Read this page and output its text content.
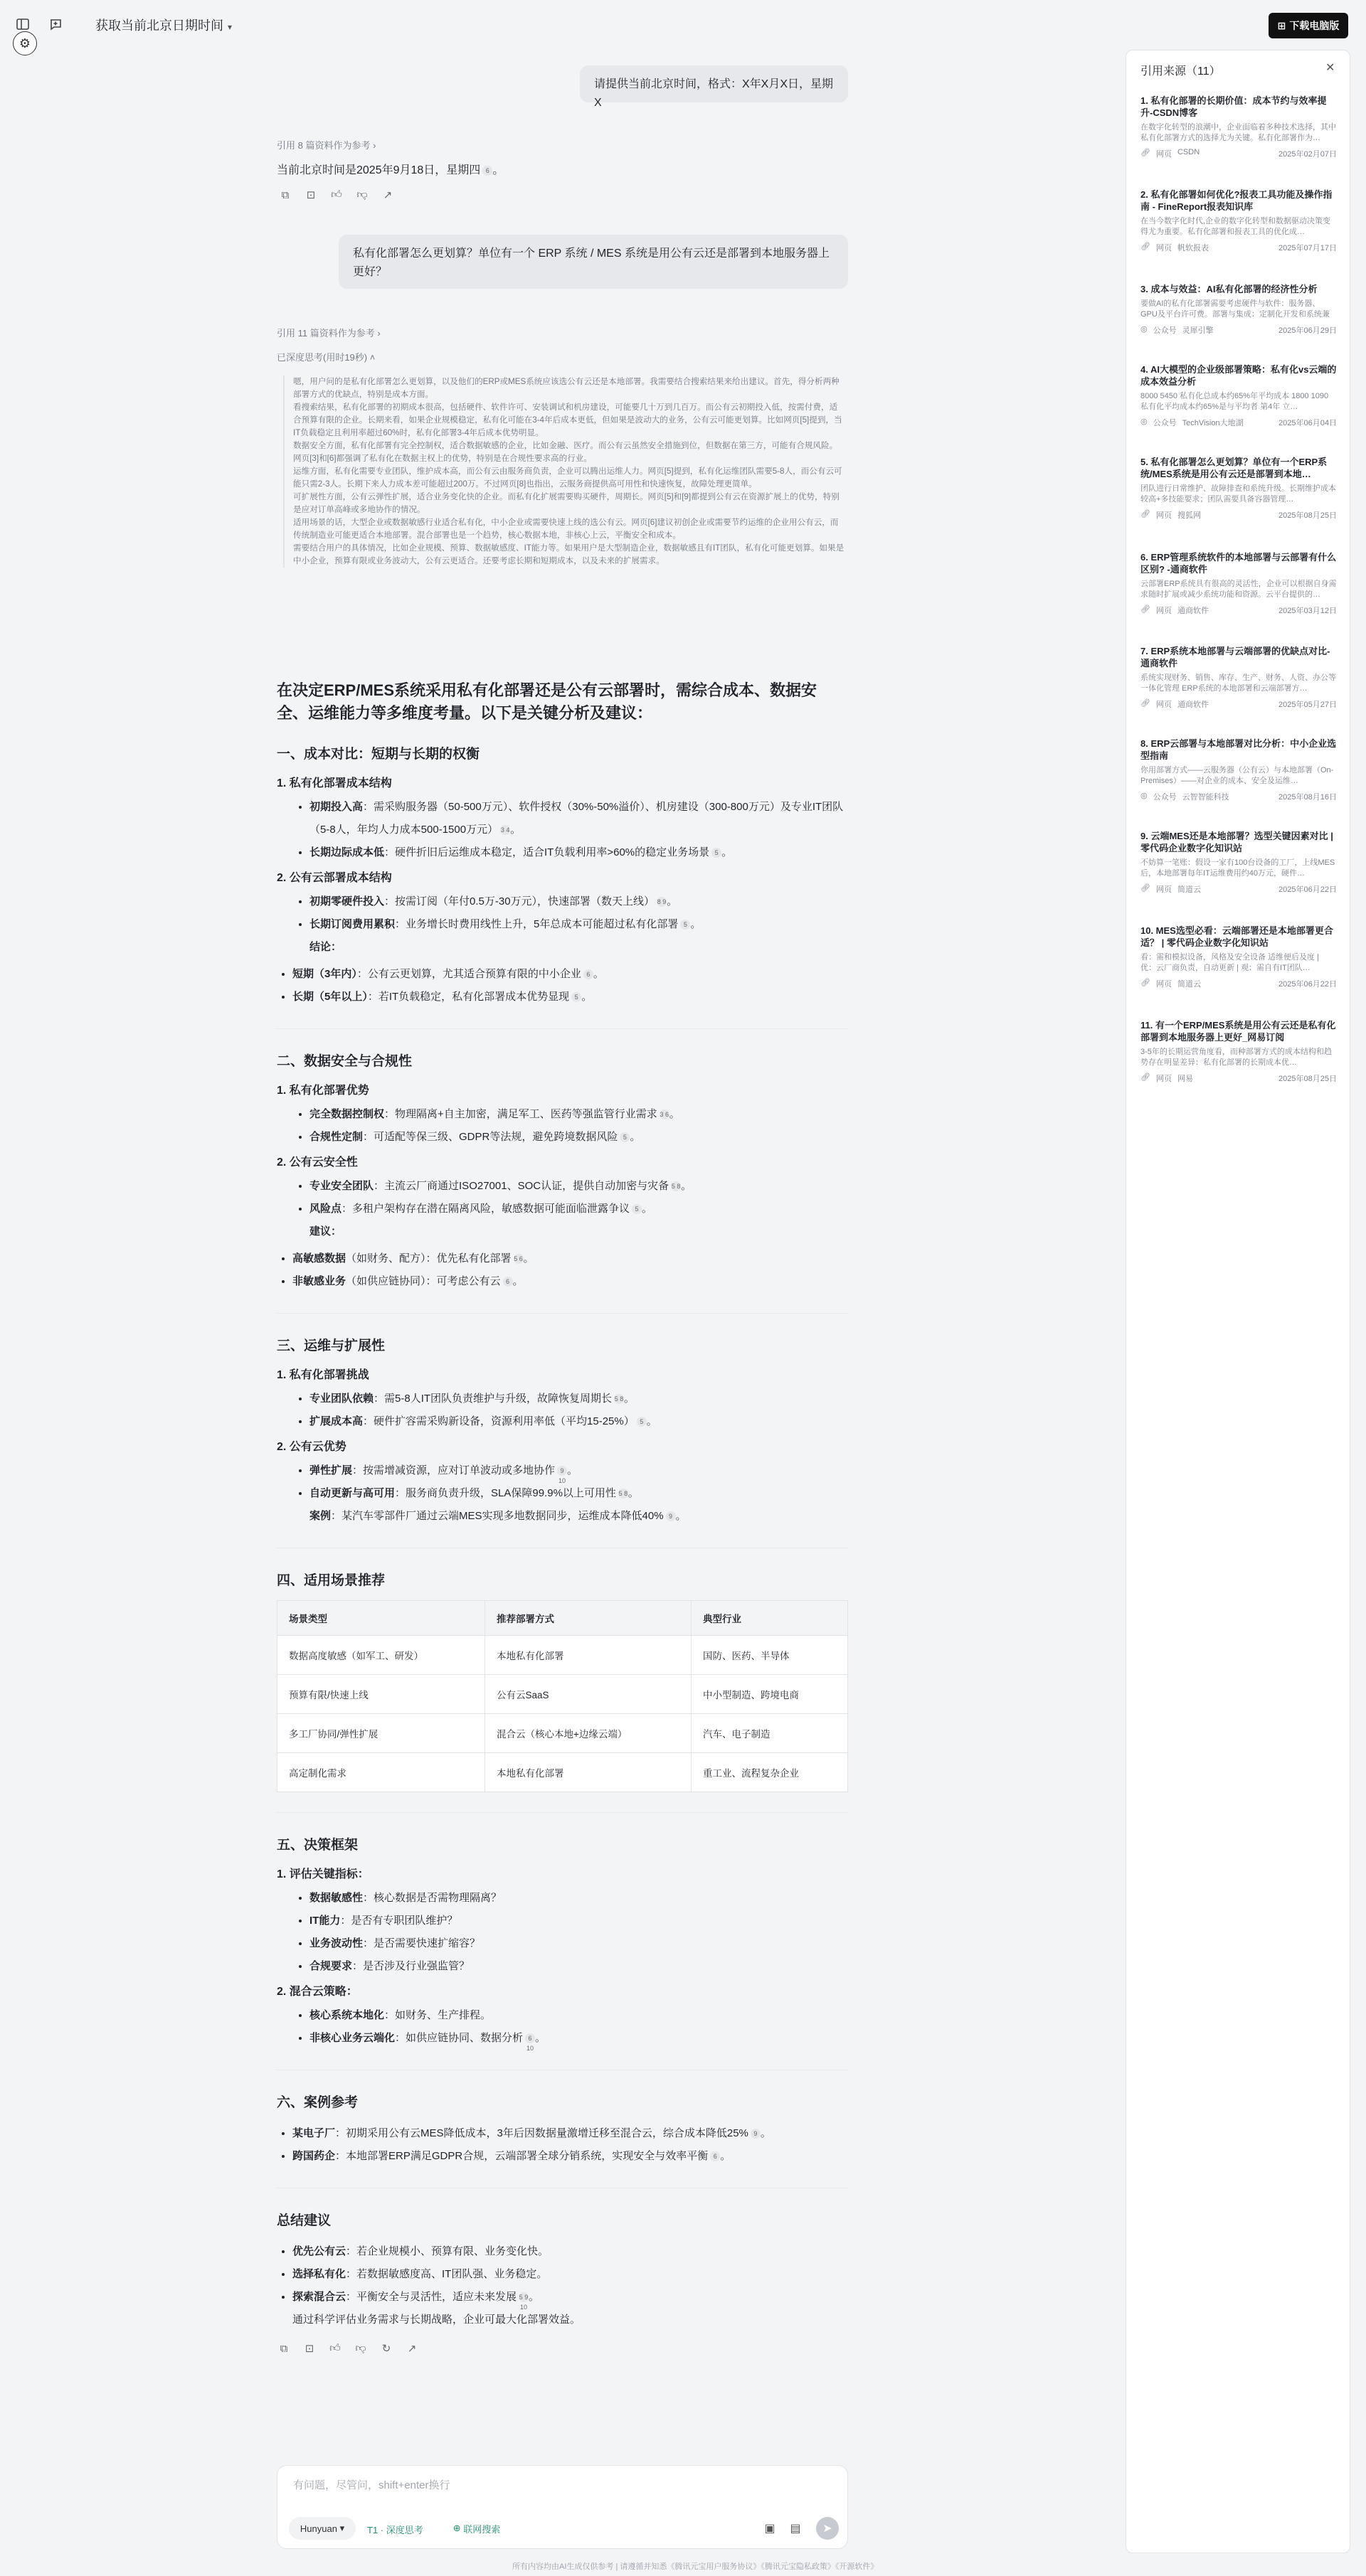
获取当前北京日期时间 ▾
⚙
⊞ 下载电脑版
请提供当前北京时间，格式：X年X月X日，星期X
引用 8 篇资料作为参考 ›
当前北京时间是2025年9月18日，星期四 6 。
⧉	⊡ 👍︎ 👎︎ ↗
私有化部署怎么更划算？单位有一个 ERP 系统 / MES 系统是用公有云还是部署到本地服务器上更好？
引用 11 篇资料作为参考 ›
已深度思考(用时19秒) ˄

嗯，用户问的是私有化部署怎么更划算，以及他们的ERP或MES系统应该选公有云还是本地部署。我需要结合搜索结果来给出建议。首先，得分析两种部署方式的优缺点，特别是成本方面。

看搜索结果，私有化部署的初期成本很高，包括硬件、软件许可、安装调试和机房建设，可能要几十万到几百万。而公有云初期投入低，按需付费，适合预算有限的企业。长期来看，如果企业规模稳定，私有化可能在3-4年后成本更低，但如果是波动大的业务，公有云可能更划算。比如网页[5]提到，当IT负载稳定且利用率超过60%时，私有化部署3-4年后成本优势明显。

数据安全方面，私有化部署有完全控制权，适合数据敏感的企业，比如金融、医疗。而公有云虽然安全措施到位，但数据在第三方，可能有合规风险。网页[3]和[6]都强调了私有化在数据主权上的优势，特别是在合规性要求高的行业。

运维方面，私有化需要专业团队，维护成本高，而公有云由服务商负责，企业可以腾出运维人力。网页[5]提到，私有化运维团队需要5-8人，而公有云可能只需2-3人。长期下来人力成本差可能超过200万。不过网页[8]也指出，云服务商提供高可用性和快速恢复，故障处理更简单。

可扩展性方面，公有云弹性扩展，适合业务变化快的企业。而私有化扩展需要购买硬件，周期长。网页[5]和[9]都提到公有云在资源扩展上的优势，特别是应对订单高峰或多地协作的情况。

适用场景的话，大型企业或数据敏感行业适合私有化，中小企业或需要快速上线的选公有云。网页[6]建议初创企业或需要节约运维的企业用公有云，而传统制造业可能更适合本地部署。混合部署也是一个趋势，核心数据本地，非核心上云，平衡安全和成本。

需要结合用户的具体情况，比如企业规模、预算、数据敏感度、IT能力等。如果用户是大型制造企业，数据敏感且有IT团队，私有化可能更划算。如果是中小企业，预算有限或业务波动大，公有云更适合。还要考虑长期和短期成本，以及未来的扩展需求。

在决定ERP/MES系统采用私有化部署还是公有云部署时，需综合成本、数据安全、运维能力等多维度考量。以下是关键分析及建议：
一、成本对比：短期与长期的权衡
1. 私有化部署成本结构
• 初期投入高：需采购服务器（50-500万元）、软件授权（30%-50%溢价）、机房建设（300-800万元）及专业IT团队（5-8人，年均人力成本500-1500万元） 3 4。
• 长期边际成本低：硬件折旧后运维成本稳定，适合IT负载利用率>60%的稳定业务场景 5 。
2. 公有云部署成本结构
• 初期零硬件投入：按需订阅（年付0.5万-30万元），快速部署（数天上线） 8 9。
• 长期订阅费用累积：业务增长时费用线性上升，5年总成本可能超过私有化部署 5 。
结论：
• 短期（3年内）：公有云更划算，尤其适合预算有限的中小企业 6 。
• 长期（5年以上）：若IT负载稳定，私有化部署成本优势显现 5 。
二、数据安全与合规性
1. 私有化部署优势
• 完全数据控制权：物理隔离+自主加密，满足军工、医药等强监管行业需求 3 6。
• 合规性定制：可适配等保三级、GDPR等法规，避免跨境数据风险 5 。
2. 公有云安全性
• 专业安全团队：主流云厂商通过ISO27001、SOC认证，提供自动加密与灾备 5 8。
• 风险点：多租户架构存在潜在隔离风险，敏感数据可能面临泄露争议 5 。
建议：
• 高敏感数据（如财务、配方）：优先私有化部署 5 6。
• 非敏感业务（如供应链协同）：可考虑公有云 6 。
三、运维与扩展性
1. 私有化部署挑战
• 专业团队依赖：需5-8人IT团队负责维护与升级，故障恢复周期长 5 8。
• 扩展成本高：硬件扩容需采购新设备，资源利用率低（平均15-25%） 5 。
2. 公有云优势
• 弹性扩展：按需增减资源，应对订单波动或多地协作 9 10。
• 自动更新与高可用：服务商负责升级，SLA保障99.9%以上可用性 5 8。
案例：某汽车零部件厂通过云端MES实现多地数据同步，运维成本降低40% 9 。
四、适用场景推荐
场景类型	推荐部署方式	典型行业
数据高度敏感（如军工、研发）	本地私有化部署	国防、医药、半导体
预算有限/快速上线	公有云SaaS	中小型制造、跨境电商
多工厂协同/弹性扩展	混合云（核心本地+边缘云端）	汽车、电子制造
高定制化需求	本地私有化部署	重工业、流程复杂企业
五、决策框架
1. 评估关键指标：
• 数据敏感性：核心数据是否需物理隔离？
• IT能力：是否有专职团队维护？
• 业务波动性：是否需要快速扩缩容？
• 合规要求：是否涉及行业强监管？
2. 混合云策略：
• 核心系统本地化：如财务、生产排程。
• 非核心业务云端化：如供应链协同、数据分析 6 10。
六、案例参考
• 某电子厂：初期采用公有云MES降低成本，3年后因数据量激增迁移至混合云，综合成本降低25% 9 。
• 跨国药企：本地部署ERP满足GDPR合规，云端部署全球分销系统，实现安全与效率平衡 6 。
总结建议
• 优先公有云：若企业规模小、预算有限、业务变化快。
• 选择私有化：若数据敏感度高、IT团队强、业务稳定。
• 探索混合云：平衡安全与灵活性，适应未来发展 5 9 10。
通过科学评估业务需求与长期战略，企业可最大化部署效益。
⧉	⊡ 👍︎ 👎︎ ↻ ↗
有问题，尽管问，shift+enter换行
Hunyuan
▾ T1 · 深度思考	⊕
联网搜索	▣ ▤	➤
所有内容均由AI生成仅供参考 | 请遵循并知悉《腾讯元宝用户服务协议》《腾讯元宝隐私政策》《开源软件》
引用来源（11）	✕
1. 私有化部署的长期价值：成本节约与效率提升-CSDN博客
在数字化转型的浪潮中，企业面临着多种技术选择，其中私有化部署方式的选择尤为关键。私有化部署作为…
🔗︎ 网页 CSDN	2025年02月07日
2. 私有化部署如何优化?报表工具功能及操作指南 - FineReport报表知识库
在当今数字化时代,企业的数字化转型和数据驱动决策变得尤为重要。私有化部署和报表工具的优化成…
🔗︎ 网页 帆软报表	2025年07月17日
3. 成本与效益：AI私有化部署的经济性分析
要做AI的私有化部署需要考虑硬件与软件：服务器、GPU及平台许可费。部署与集成：定制化开发和系统兼
◎ 公众号 灵犀引擎	2025年06月29日
4. AI大模型的企业级部署策略：私有化vs云端的成本效益分析
8000 5450 私有化总成本约65%年平均成本 1800 1090 私有化平均成本约65%是与平均者 第4年 立…
◎ 公众号 TechVision大地湖	2025年06月04日
5. 私有化部署怎么更划算？单位有一个ERP系统/MES系统是用公有云还是部署到本地…
团队进行日常维护、故障排查和系统升级。长期维护成本较高+多技能要求；团队需要具备容器管理…
🔗︎ 网页 搜狐网	2025年08月25日
6. ERP管理系统软件的本地部署与云部署有什么区别? -通商软件
云部署ERP系统具有很高的灵活性，企业可以根据自身需求随时扩展或减少系统功能和资源。云平台提供的…
🔗︎ 网页 通商软件	2025年03月12日
7. ERP系统本地部署与云端部署的优缺点对比-通商软件
系统实现财务、销售、库存、生产、财务、人资、办公等一体化管理 ERP系统的本地部署和云端部署方…
🔗︎ 网页 通商软件	2025年05月27日
8. ERP云部署与本地部署对比分析：中小企业选型指南
你用部署方式——云服务器（公有云）与本地部署（On-Premises）——对企业的成本、安全及运维…
◎ 公众号 云智智能科技	2025年08月16日
9. 云端MES还是本地部署？选型关键因素对比 | 零代码企业数字化知识站
不妨算一笔账：假设一家有100台设备的工厂，上线MES后，本地部署每年IT运维费用约40万元，硬件…
🔗︎ 网页 简道云	2025年06月22日
10. MES选型必看：云端部署还是本地部署更合适？ | 零代码企业数字化知识站
看：需和模拟设备，风格及安全设备 适维便后及度 | 优：云厂商负责，自动更新 | 观：需自有IT团队…
🔗︎ 网页 简道云	2025年06月22日
11. 有一个ERP/MES系统是用公有云还是私有化部署到本地服务器上更好_网易订阅
3-5年的长期运营角度看，而种部署方式的成本结构和趋势存在明显差异：私有化部署的长期成本优…
🔗︎ 网页 网易	2025年08月25日
